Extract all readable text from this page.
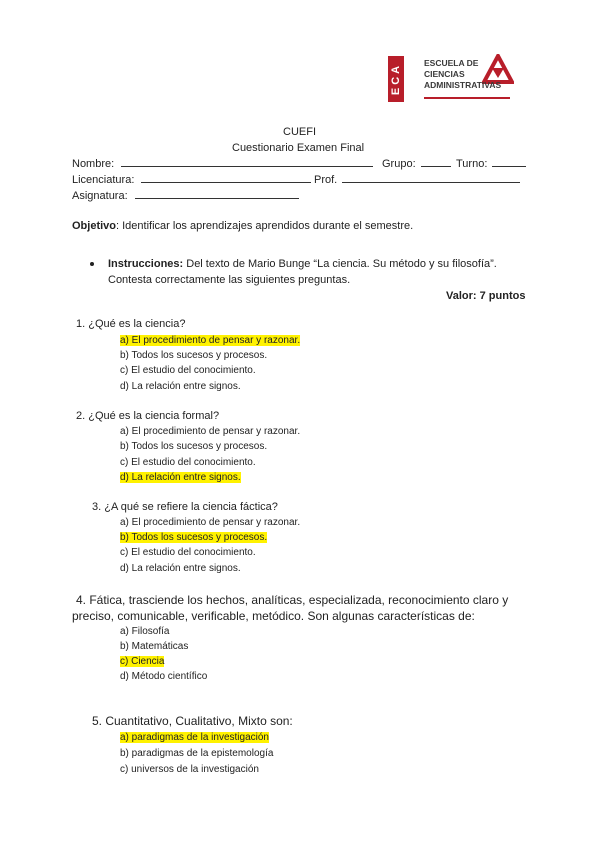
ECA	ESCUELA DE
CIENCIAS
ADMINISTRATIVAS
CUEFI
Cuestionario Examen Final
Nombre:	Grupo:	Turno:
Licenciatura:	Prof.
Asignatura:
Objetivo: Identificar los aprendizajes aprendidos durante el semestre.
Instrucciones: Del texto de Mario Bunge “La ciencia. Su método y su filosofía”.
Contesta correctamente las siguientes preguntas.
Valor: 7 puntos
1. ¿Qué es la ciencia?
a) El procedimiento de pensar y razonar.
b) Todos los sucesos y procesos.
c) El estudio del conocimiento.
d) La relación entre signos.
2. ¿Qué es la ciencia formal?
a) El procedimiento de pensar y razonar.
b) Todos los sucesos y procesos.
c) El estudio del conocimiento.
d) La relación entre signos.
3. ¿A qué se refiere la ciencia fáctica?
a) El procedimiento de pensar y razonar.
b) Todos los sucesos y procesos.
c) El estudio del conocimiento.
d) La relación entre signos.
4. Fática, trasciende los hechos, analíticas, especializada, reconocimiento claro y
preciso, comunicable, verificable, metódico. Son algunas características de:
a) Filosofía
b) Matemáticas
c) Ciencia
d) Método científico
5. Cuantitativo, Cualitativo, Mixto son:
a) paradigmas de la investigación
b) paradigmas de la epistemología
c) universos de la investigación
